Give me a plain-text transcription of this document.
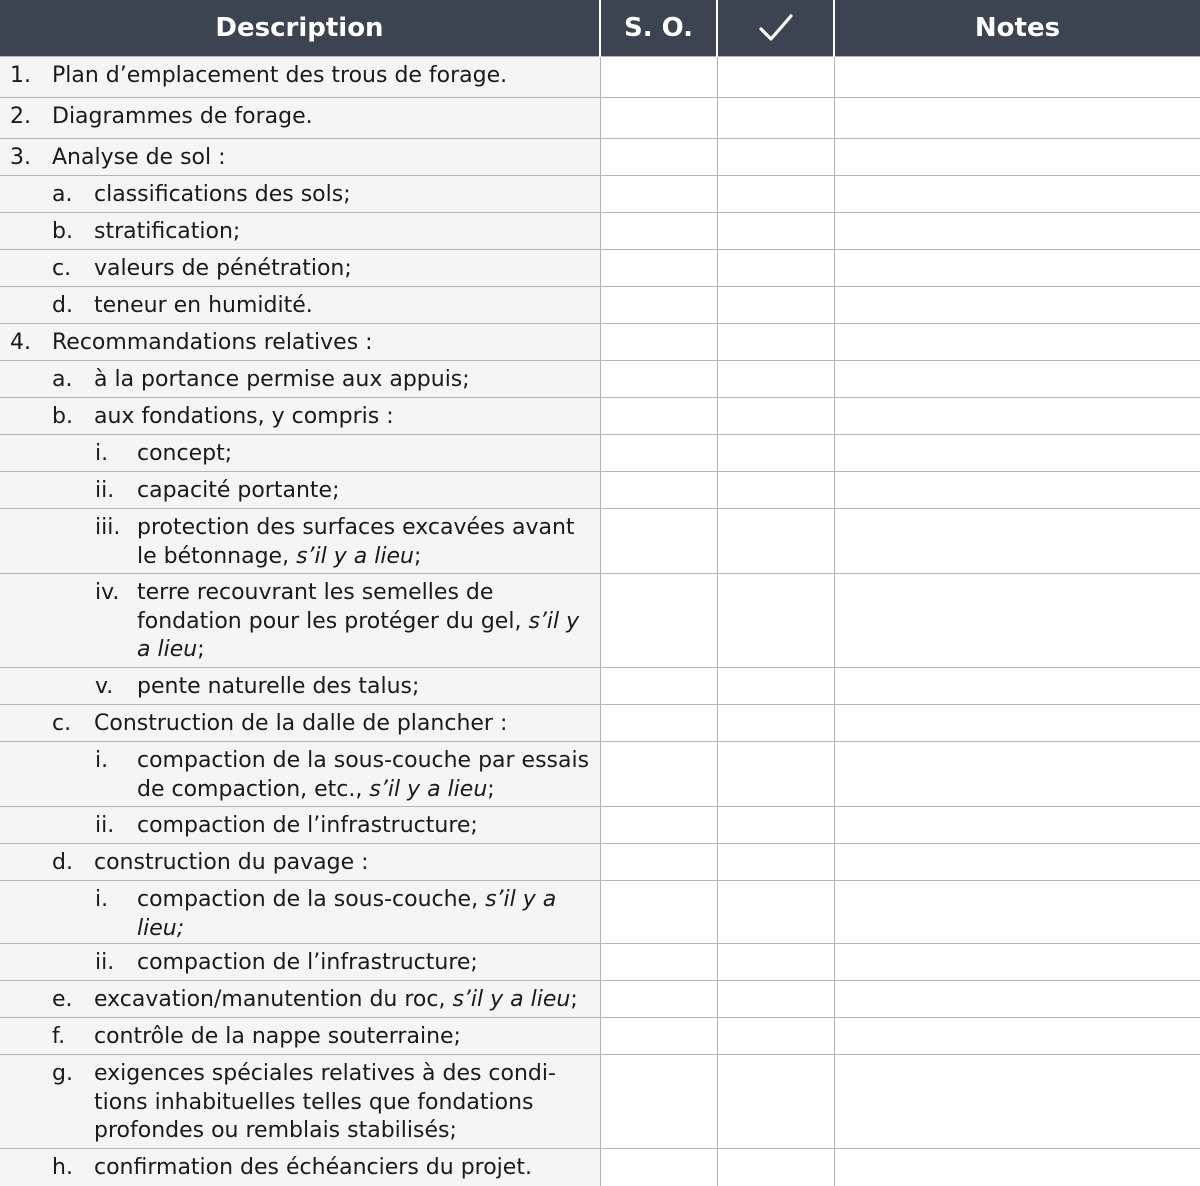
Description	S. O.		Notes

1. Plan d’emplacement des trous de forage.			

2. Diagrammes de forage.			

3. Analyse de sol :			

a. classifications des sols;			

b. stratification;			

c. valeurs de pénétration;			

d. teneur en humidité.			

4. Recommandations relatives :			

a. à la portance permise aux appuis;			

b. aux fondations, y compris :			

i. concept;			

ii. capacité portante;			

iii. protection des surfaces excavées avant le bétonnage, s’il y a lieu;			

iv. terre recouvrant les semelles de fondation pour les protéger du gel, s’il y a lieu;			

v. pente naturelle des talus;			

c. Construction de la dalle de plancher :			

i. compaction de la sous-couche par essais de compaction, etc., s’il y a lieu;			

ii. compaction de l’infrastructure;			

d. construction du pavage :			

i. compaction de la sous-couche, s’il y a lieu;			

ii. compaction de l’infrastructure;			

e. excavation/manutention du roc, s’il y a lieu;			

f. contrôle de la nappe souterraine;			

g. exigences spéciales relatives à des condi-tions inhabituelles telles que fondations profondes ou remblais stabilisés;			

h. confirmation des échéanciers du projet.			
